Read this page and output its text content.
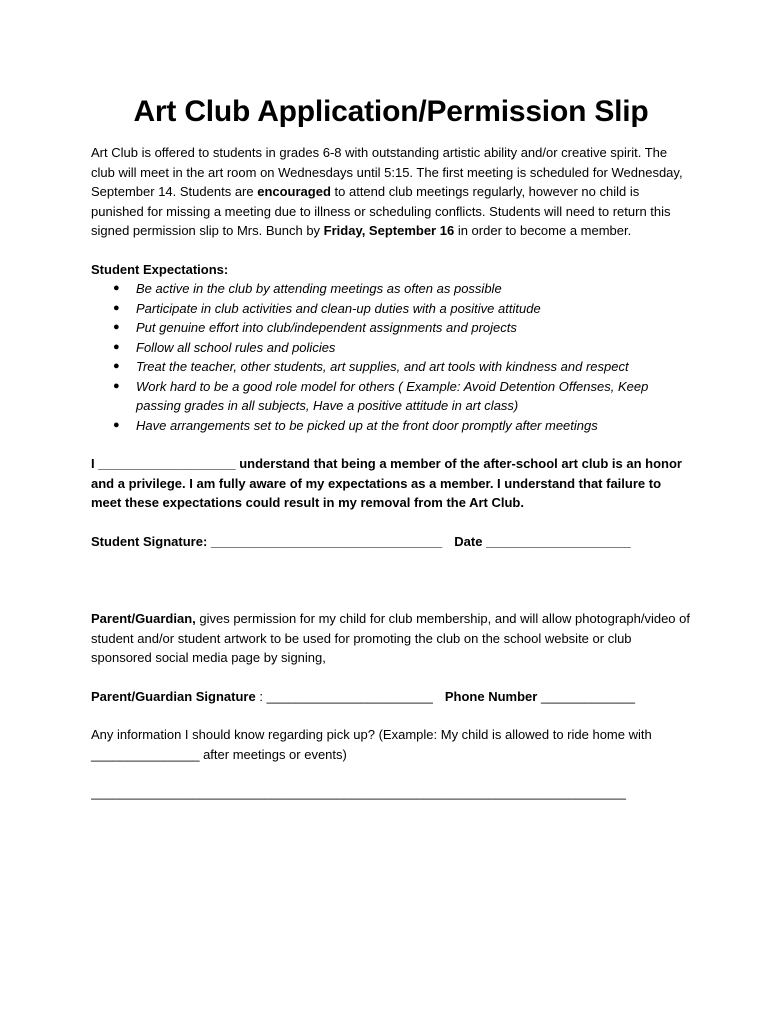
Art Club Application/Permission Slip

Art Club is offered to students in grades 6-8 with outstanding artistic ability and/or creative spirit. The club will meet in the art room on Wednesdays until 5:15. The first meeting is scheduled for Wednesday, September 14. Students are encouraged to attend club meetings regularly, however no child is punished for missing a meeting due to illness or scheduling conflicts. Students will need to return this signed permission slip to Mrs. Bunch by Friday, September 16 in order to become a member.

Student Expectations:

● Be active in the club by attending meetings as often as possible
● Participate in club activities and clean-up duties with a positive attitude
● Put genuine effort into club/independent assignments and projects
● Follow all school rules and policies
● Treat the teacher, other students, art supplies, and art tools with kindness and respect
● Work hard to be a good role model for others ( Example: Avoid Detention Offenses, Keep passing grades in all subjects, Have a positive attitude in art class)
● Have arrangements set to be picked up at the front door promptly after meetings

I ___________________ understand that being a member of the after-school art club is an honor and a privilege. I am fully aware of my expectations as a member. I understand that failure to meet these expectations could result in my removal from the Art Club.

Student Signature: ________________________________ Date ____________________

Parent/Guardian, gives permission for my child for club membership, and will allow photograph/video of student and/or student artwork to be used for promoting the club on the school website or club sponsored social media page by signing,

Parent/Guardian Signature : _______________________ Phone Number _____________

Any information I should know regarding pick up? (Example: My child is allowed to ride home with _______________ after meetings or events)

__________________________________________________________________________
